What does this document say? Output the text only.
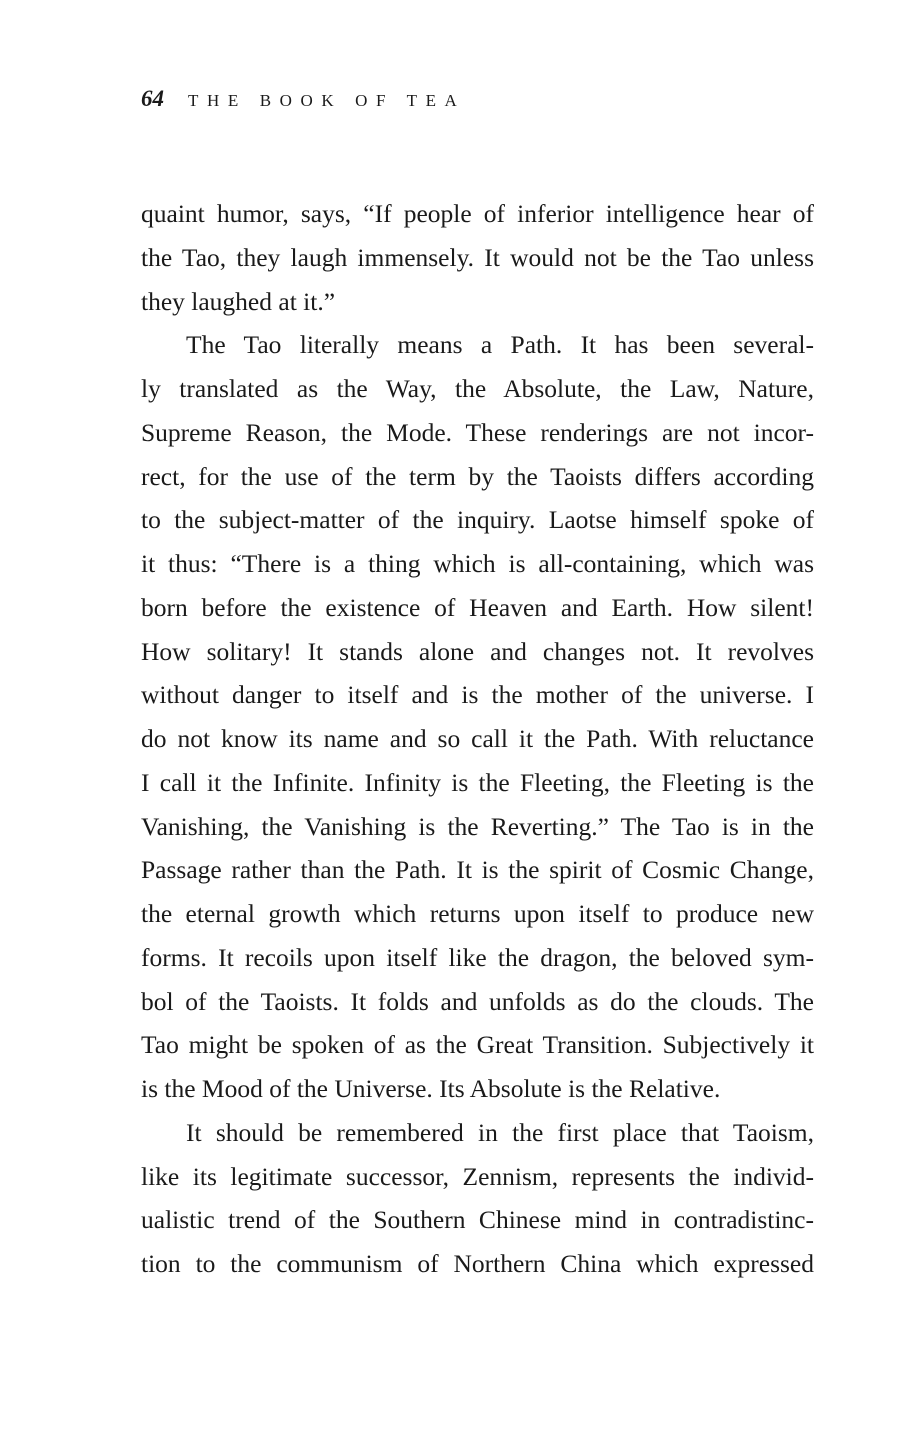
64 THE BOOK OF TEA
quaint humor, says, “If people of inferior intelligence hear of
the Tao, they laugh immensely. It would not be the Tao unless
they laughed at it.”
The Tao literally means a Path. It has been several-
ly translated as the Way, the Absolute, the Law, Nature,
Supreme Reason, the Mode. These renderings are not incor-
rect, for the use of the term by the Taoists differs according
to the subject-matter of the inquiry. Laotse himself spoke of
it thus: “There is a thing which is all-containing, which was
born before the existence of Heaven and Earth. How silent!
How solitary! It stands alone and changes not. It revolves
without danger to itself and is the mother of the universe. I
do not know its name and so call it the Path. With reluctance
I call it the Infinite. Infinity is the Fleeting, the Fleeting is the
Vanishing, the Vanishing is the Reverting.” The Tao is in the
Passage rather than the Path. It is the spirit of Cosmic Change,
the eternal growth which returns upon itself to produce new
forms. It recoils upon itself like the dragon, the beloved sym-
bol of the Taoists. It folds and unfolds as do the clouds. The
Tao might be spoken of as the Great Transition. Subjectively it
is the Mood of the Universe. Its Absolute is the Relative.
It should be remembered in the first place that Taoism,
like its legitimate successor, Zennism, represents the individ-
ualistic trend of the Southern Chinese mind in contradistinc-
tion to the communism of Northern China which expressed
